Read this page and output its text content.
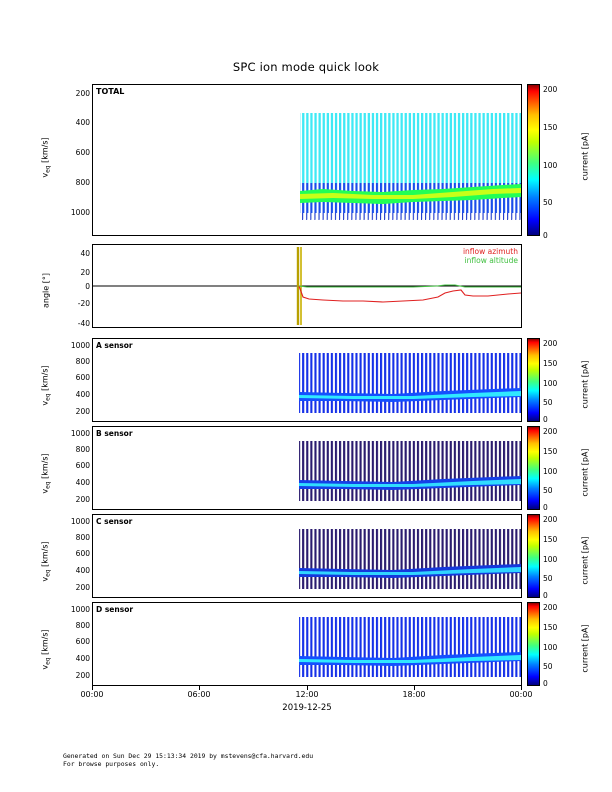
SPC ion mode quick look
TOTAL
200
400
600
800
1000
$v_{eq}$ [km/s]
200
150
100
50
0
current [pA]
inflow azimuth
inflow altitude
40
20
0
-20
-40
angle [°]
A sensor
1000
800
600
400
200
$v_{eq}$ [km/s]
200
150
100
50
0
current [pA]
B sensor
1000
800
600
400
200
$v_{eq}$ [km/s]
200
150
100
50
0
current [pA]
C sensor
1000
800
600
400
200
$v_{eq}$ [km/s]
200
150
100
50
0
current [pA]
D sensor
1000
800
600
400
200
$v_{eq}$ [km/s]
200
150
100
50
0
current [pA]
00:00	06:00	12:00	18:00	00:00
2019-12-25
Generated on Sun Dec 29 15:13:34 2019 by mstevens@cfa.harvard.edu
For browse purposes only.
